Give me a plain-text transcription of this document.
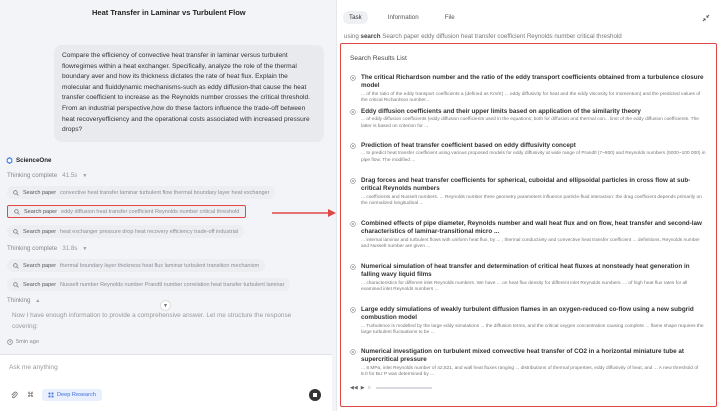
Heat Transfer in Laminar vs Turbulent Flow
Compare the efficiency of convective heat transfer in laminar versus turbulent flowregimes within a heat exchanger. Specifically, analyze the role of the thermal boundary aver and how its thickness dictates the rate of heat flux. Explain the molecular and fluiddynamic mechanisms-such as eddy diffusion-that cause the heat transfer coefficient to increase as the Reynolds number crosses the critical threshold. From an industrial perspective,how do these factors influence the trade-off between heat recoveryefficiency and the operational costs associated with increased pressure drops?
ScienceOne
Thinking complete 41.5s ▼
Search paper convective heat transfer laminar turbulent flow thermal boundary layer heat exchanger
Search paper eddy diffusion heat transfer coefficient Reynolds number critical threshold
Search paper heat exchanger pressure drop heat recovery efficiency trade-off industrial
Thinking complete 31.8s ▼
Search paper thermal boundary layer thickness heat flux laminar turbulent transition mechanism
Search paper Nusselt number Reynolds number Prandtl number correlation heat transfer turbulent laminar
Thinking ▲
▼
Now I have enough information to provide a comprehensive answer. Let me structure the response covering:
5min ago
Ask me anything
⌘	Deep Research
Task	Information	File
using search Search paper eddy diffusion heat transfer coefficient Reynolds number critical threshold
Search Results List
The critical Richardson number and the ratio of the eddy transport coefficients obtained from a turbulence closure model
... of the ratio of the eddy transport coefficients a (defined as Km/K) ... eddy diffusivity for heat and the eddy viscosity for momentum) and the predicted values of the critical Richardson number...
Eddy diffusion coefficients and their upper limits based on application of the similarity theory
... of eddy diffusion coefficients (eddy diffusion coefficients used in the equations; both for diffusion and thermal con... limit of the eddy diffusion coefficients. The latter is based on criterion for ...
Prediction of heat transfer coefficient based on eddy diffusivity concept
... to predict heat transfer coefficient using various proposed models for eddy diffusivity at wide range of Prandtl (7~800) and Reynolds numbers (5000~100 000) in pipe flow. The modified ...
Drag forces and heat transfer coefficients for spherical, cuboidal and ellipsoidal particles in cross flow at sub-critical Reynolds numbers
... coefficients and Nusselt numbers. ... Reynolds number three geometry parameters influence particle-fluid interaction: the drag coefficient depends primarily on the normalized longitudinal ...
Combined effects of pipe diameter, Reynolds number and wall heat flux and on flow, heat transfer and second-law characteristics of laminar-transitional micro ...
... internal laminar and turbulent flows with uniform heat flux, by ... , thermal conductivity and convective heat transfer coefficient ... definitions, Reynolds number and Nusselt number are given ...
Numerical simulation of heat transfer and determination of critical heat fluxes at nonsteady heat generation in falling wavy liquid films
... characteristics for different inlet Reynolds numbers. We have ... on heat flux density for different inlet Reynolds numbers. ... of high heat flux rates for all examined inlet Reynolds numbers ...
Large eddy simulations of weakly turbulent diffusion flames in an oxygen-reduced co-flow using a new subgrid combustion model
... Turbulence is modelled by the large eddy simulations ... the diffusion terms, and the critical oxygen concentration causing complete ... flame shape requires the large turbulent fluctuations to be ...
Numerical investigation on turbulent mixed convective heat transfer of CO2 in a horizontal miniature tube at supercritical pressure
... 8 MPa, inlet Reynolds number of 42,521, and wall heat fluxes ranging ... distributions of thermal properties, eddy diffusivity of heat, and ... A new threshold of 8.0 for Bu' P was determined by ...
◀◀ ▶ ○
